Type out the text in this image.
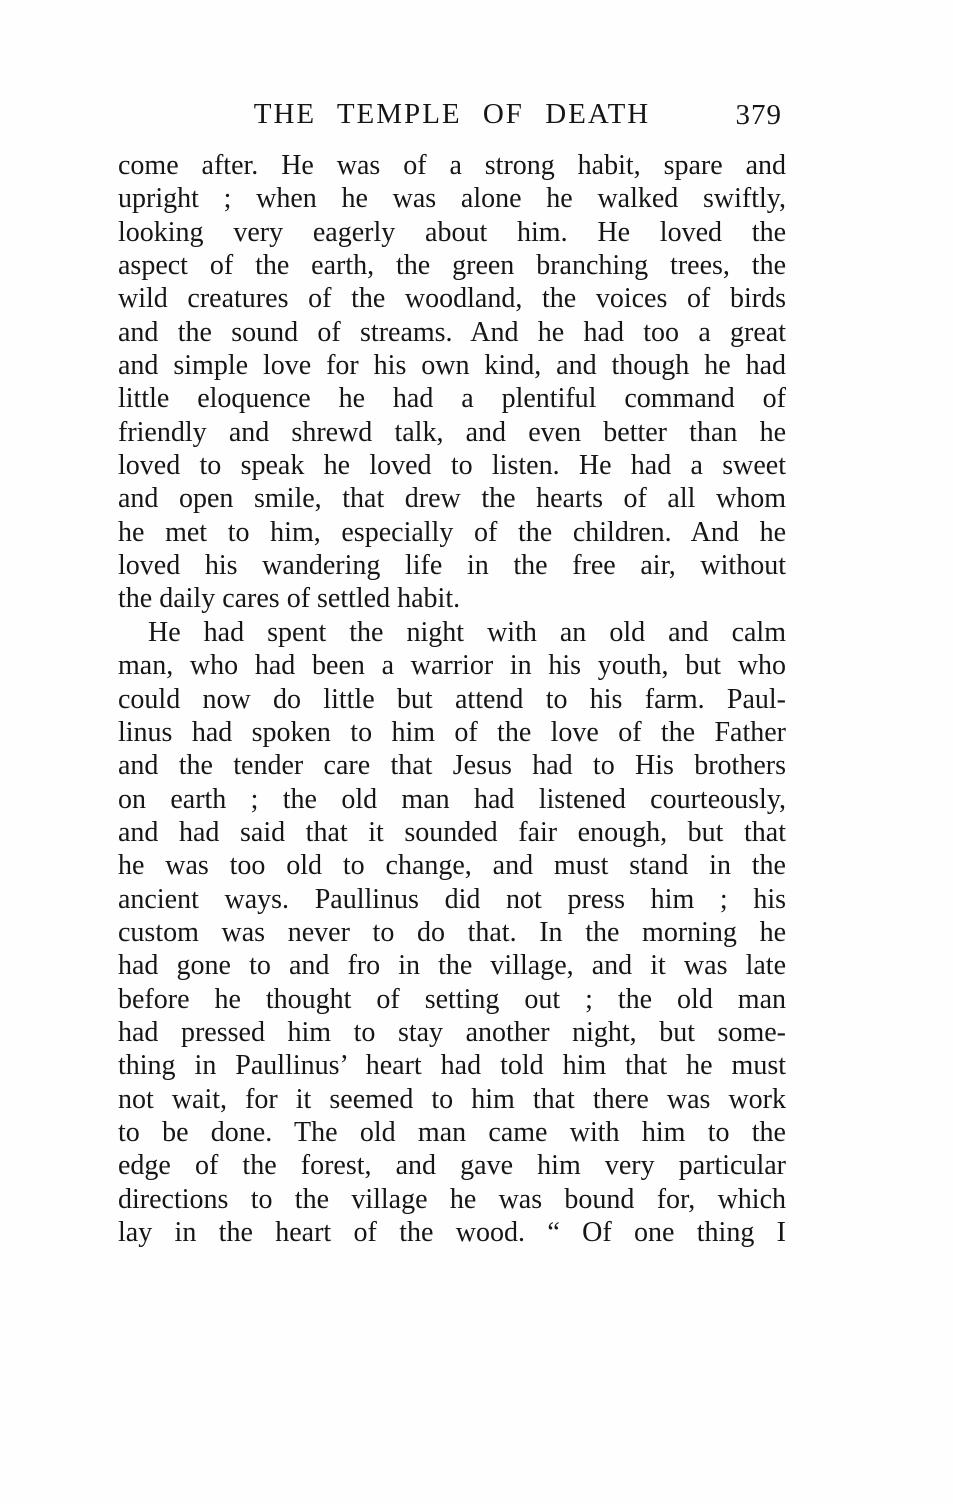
THE TEMPLE OF DEATH	379
come after. He was of a strong habit, spare and
upright ; when he was alone he walked swiftly,
looking very eagerly about him. He loved the
aspect of the earth, the green branching trees, the
wild creatures of the woodland, the voices of birds
and the sound of streams. And he had too a great
and simple love for his own kind, and though he had
little eloquence he had a plentiful command of
friendly and shrewd talk, and even better than he
loved to speak he loved to listen. He had a sweet
and open smile, that drew the hearts of all whom
he met to him, especially of the children. And he
loved his wandering life in the free air, without
the daily cares of settled habit.
He had spent the night with an old and calm
man, who had been a warrior in his youth, but who
could now do little but attend to his farm. Paul-
linus had spoken to him of the love of the Father
and the tender care that Jesus had to His brothers
on earth ; the old man had listened courteously,
and had said that it sounded fair enough, but that
he was too old to change, and must stand in the
ancient ways. Paullinus did not press him ; his
custom was never to do that. In the morning he
had gone to and fro in the village, and it was late
before he thought of setting out ; the old man
had pressed him to stay another night, but some-
thing in Paullinus’ heart had told him that he must
not wait, for it seemed to him that there was work
to be done. The old man came with him to the
edge of the forest, and gave him very particular
directions to the village he was bound for, which
lay in the heart of the wood. “ Of one thing I
